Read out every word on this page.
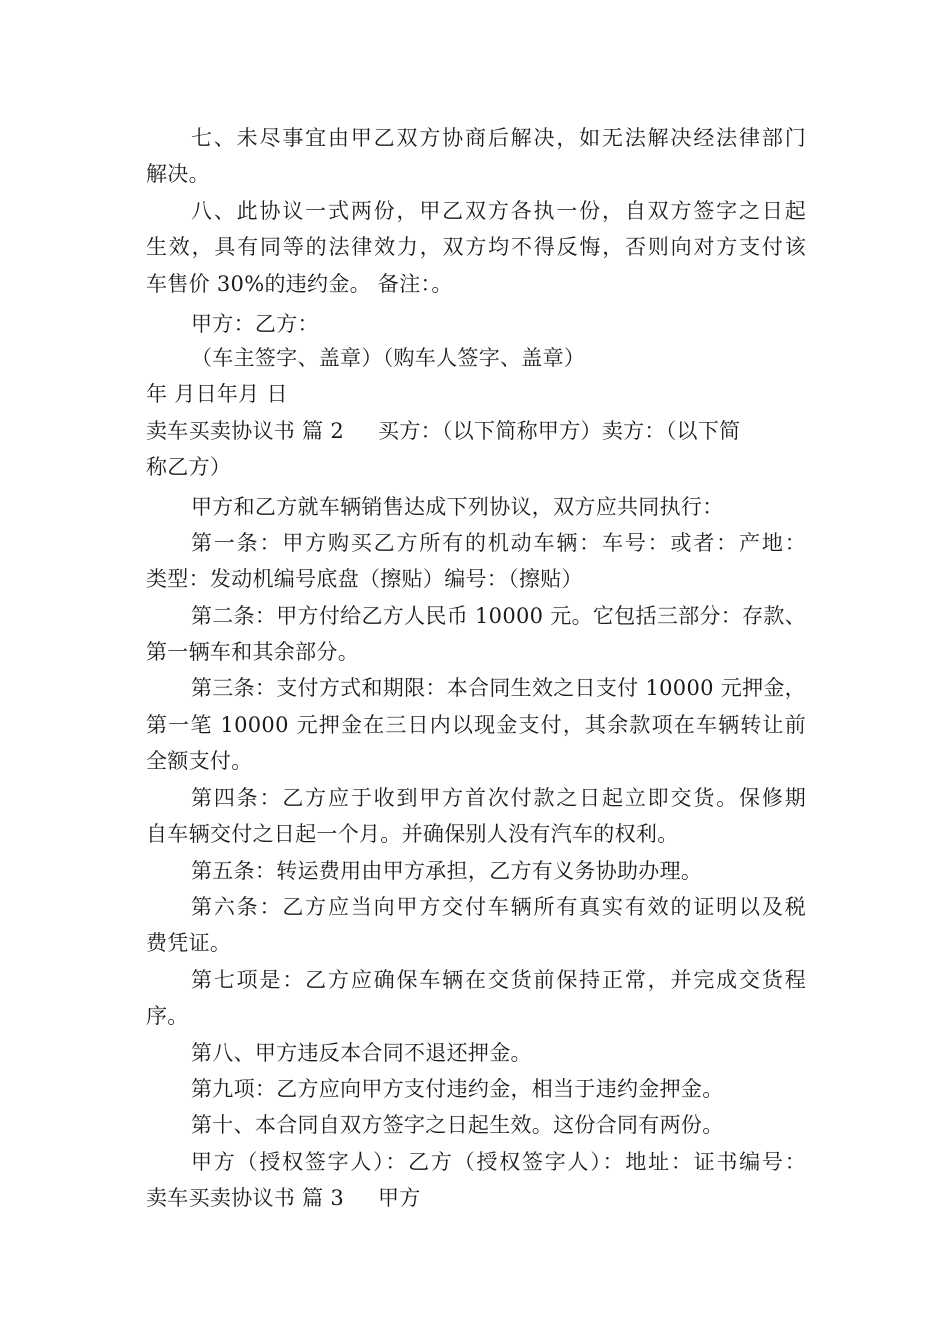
七、未尽事宜由甲乙双方协商后解决，如无法解决经法律部门
解决。
八、此协议一式两份，甲乙双方各执一份，自双方签字之日起
生效，具有同等的法律效力，双方均不得反悔，否则向对方支付该
车售价 30%的违约金。 备注：。
甲方：乙方：
（车主签字、盖章）（购车人签字、盖章）
年 月日年月 日
卖车买卖协议书 篇 2 买方：（以下简称甲方）卖方：（以下简
称乙方）
甲方和乙方就车辆销售达成下列协议，双方应共同执行：
第一条：甲方购买乙方所有的机动车辆：车号：或者：产地：
类型：发动机编号底盘（擦贴）编号：（擦贴）
第二条：甲方付给乙方人民币 10000 元。它包括三部分：存款、
第一辆车和其余部分。
第三条：支付方式和期限：本合同生效之日支付 10000 元押金，
第一笔 10000 元押金在三日内以现金支付，其余款项在车辆转让前
全额支付。
第四条：乙方应于收到甲方首次付款之日起立即交货。保修期
自车辆交付之日起一个月。并确保别人没有汽车的权利。
第五条：转运费用由甲方承担，乙方有义务协助办理。
第六条：乙方应当向甲方交付车辆所有真实有效的证明以及税
费凭证。
第七项是：乙方应确保车辆在交货前保持正常，并完成交货程
序。
第八、甲方违反本合同不退还押金。
第九项：乙方应向甲方支付违约金，相当于违约金押金。
第十、本合同自双方签字之日起生效。这份合同有两份。
甲方（授权签字人）：乙方（授权签字人）：地址：证书编号：
卖车买卖协议书 篇 3 甲方
